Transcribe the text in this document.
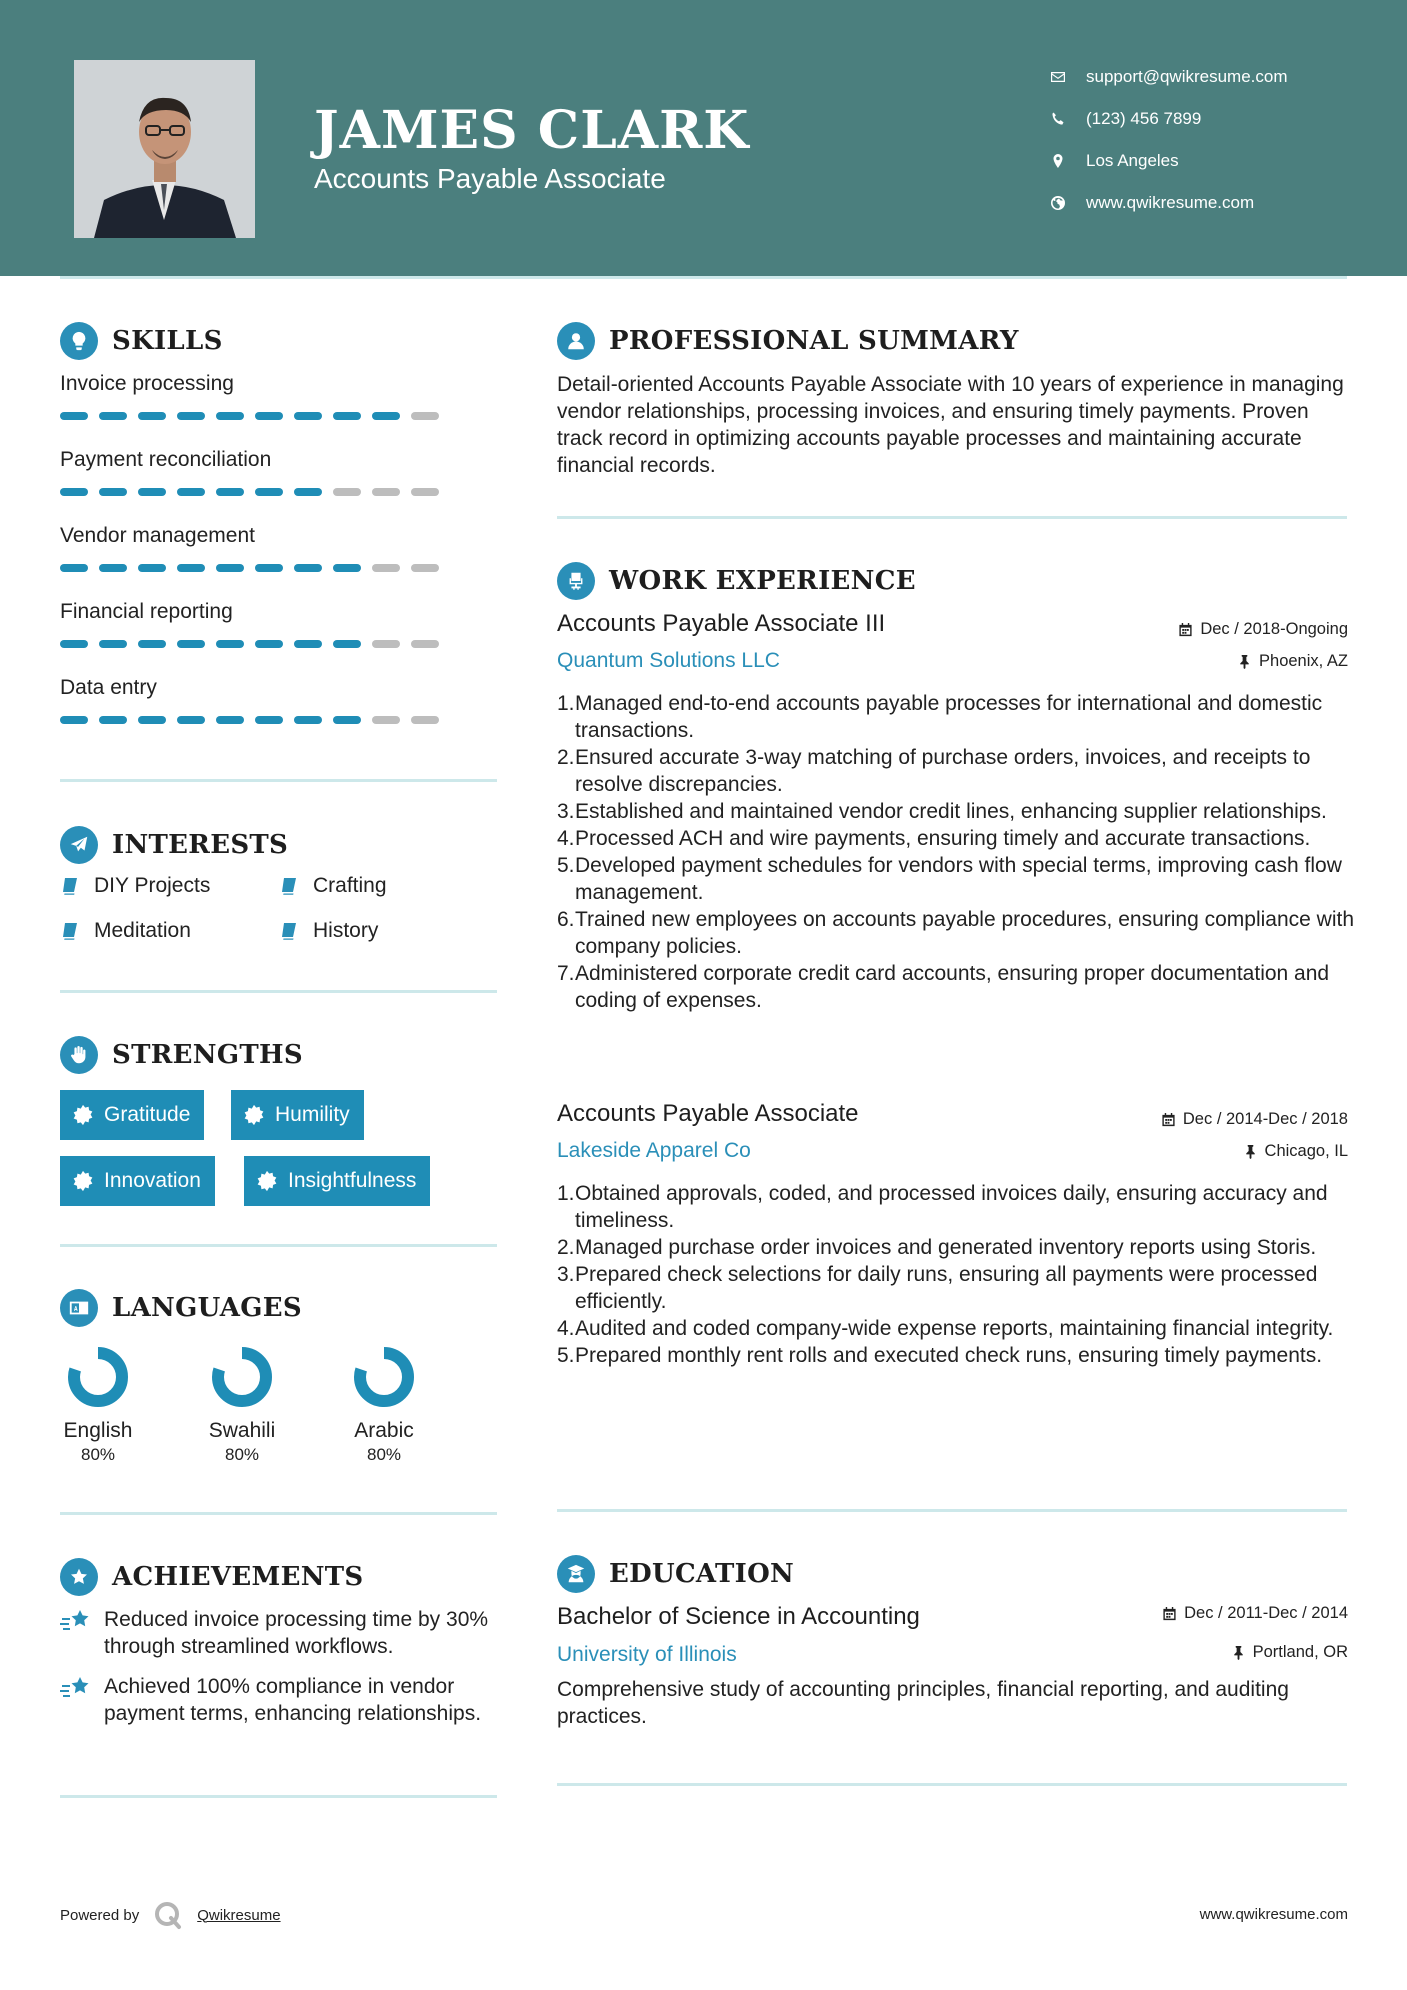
JAMES CLARK
Accounts Payable Associate
support@qwikresume.com
(123) 456 7899
Los Angeles
www.qwikresume.com
SKILLS
Invoice processing
Payment reconciliation
Vendor management
Financial reporting
Data entry
INTERESTS
DIY Projects	Crafting
Meditation	History
STRENGTHS
Gratitude	Humility
Innovation	Insightfulness
LANGUAGES
English
80%
Swahili
80%
Arabic
80%
ACHIEVEMENTS
Reduced invoice processing time by 30% through streamlined workflows.
Achieved 100% compliance in vendor payment terms, enhancing relationships.
PROFESSIONAL SUMMARY
Detail-oriented Accounts Payable Associate with 10 years of experience in managing vendor relationships, processing invoices, and ensuring timely payments. Proven track record in optimizing accounts payable processes and maintaining accurate financial records.
WORK EXPERIENCE
Accounts Payable Associate III	Dec / 2018-Ongoing
Quantum Solutions LLC	Phoenix, AZ
1. Managed end-to-end accounts payable processes for international and domestic transactions.
2. Ensured accurate 3-way matching of purchase orders, invoices, and receipts to resolve discrepancies.
3. Established and maintained vendor credit lines, enhancing supplier relationships.
4. Processed ACH and wire payments, ensuring timely and accurate transactions.
5. Developed payment schedules for vendors with special terms, improving cash flow management.
6. Trained new employees on accounts payable procedures, ensuring compliance with company policies.
7. Administered corporate credit card accounts, ensuring proper documentation and coding of expenses.
Accounts Payable Associate	Dec / 2014-Dec / 2018
Lakeside Apparel Co	Chicago, IL
1. Obtained approvals, coded, and processed invoices daily, ensuring accuracy and timeliness.
2. Managed purchase order invoices and generated inventory reports using Storis.
3. Prepared check selections for daily runs, ensuring all payments were processed efficiently.
4. Audited and coded company-wide expense reports, maintaining financial integrity.
5. Prepared monthly rent rolls and executed check runs, ensuring timely payments.
EDUCATION
Bachelor of Science in Accounting	Dec / 2011-Dec / 2014
University of Illinois	Portland, OR
Comprehensive study of accounting principles, financial reporting, and auditing practices.
Powered by	Qwikresume	www.qwikresume.com
